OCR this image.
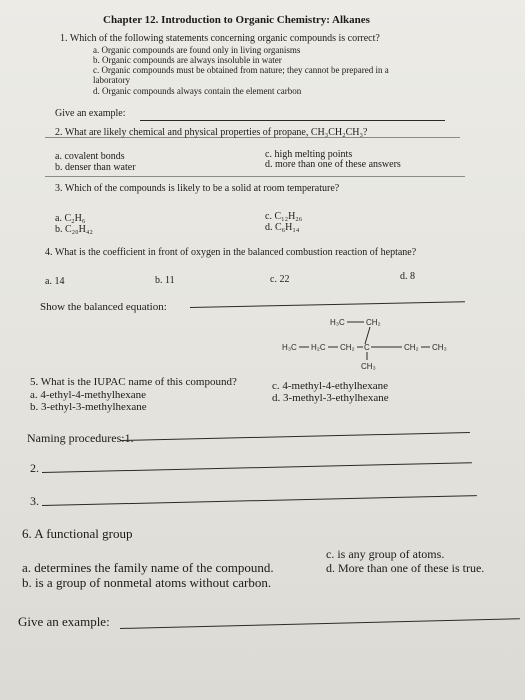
Chapter 12. Introduction to Organic Chemistry: Alkanes
1. Which of the following statements concerning organic compounds is correct?
a. Organic compounds are found only in living organisms
b. Organic compounds are always insoluble in water
c. Organic compounds must be obtained from nature; they cannot be prepared in a
laboratory
d. Organic compounds always contain the element carbon
Give an example:
2. What are likely chemical and physical properties of propane, CH₃CH₂CH₃?
a. covalent bonds
b. denser than water
c. high melting points
d. more than one of these answers
3. Which of the compounds is likely to be a solid at room temperature?
a. C₂H₆
b. C₂₀H₄₂
c. C₁₂H₂₆
d. C₆H₁₄
4. What is the coefficient in front of oxygen in the balanced combustion reaction of heptane?
a. 14	b. 11	c. 22	d. 8
Show the balanced equation:
H₃C	CH₂
H₃C H₂C CH₂ C	CH₂ CH₃
CH₃
5. What is the IUPAC name of this compound?
a. 4-ethyl-4-methylhexane
b. 3-ethyl-3-methylhexane
c. 4-methyl-4-ethylhexane
d. 3-methyl-3-ethylhexane
Naming procedures:1.
2.
3.
6. A functional group
a. determines the family name of the compound.
b. is a group of nonmetal atoms without carbon.
c. is any group of atoms.
d. More than one of these is true.
Give an example:
